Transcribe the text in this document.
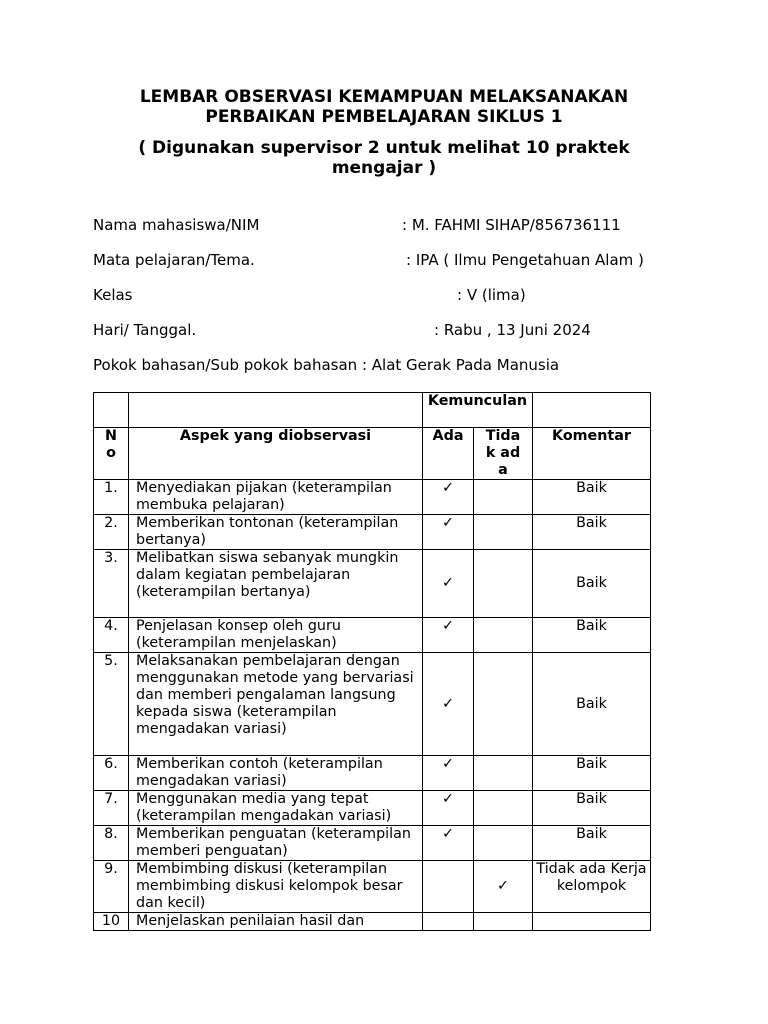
LEMBAR OBSERVASI KEMAMPUAN MELAKSANAKAN
PERBAIKAN PEMBELAJARAN SIKLUS 1
( Digunakan supervisor 2 untuk melihat 10 praktek
mengajar )
Nama mahasiswa/NIM	: M. FAHMI SIHAP/856736111
Mata pelajaran/Tema.	: IPA ( Ilmu Pengetahuan Alam )
Kelas	: V (lima)
Hari/ Tanggal.	: Rabu , 13 Juni 2024
Pokok bahasan/Sub pokok bahasan : Alat Gerak Pada Manusia
		Kemunculan		
No	Aspek yang diobservasi	Ada	Tidak ada	Komentar
1.	Menyediakan pijakan (keterampilan membuka pelajaran)	✓		Baik
2.	Memberikan tontonan (keterampilan bertanya)	✓		Baik
3.	Melibatkan siswa sebanyak mungkin dalam kegiatan pembelajaran (keterampilan bertanya)	✓		Baik
4.	Penjelasan konsep oleh guru (keterampilan menjelaskan)	✓		Baik
5.	Melaksanakan pembelajaran dengan menggunakan metode yang bervariasi dan memberi pengalaman langsung kepada siswa (keterampilan mengadakan variasi)	✓		Baik
6.	Memberikan contoh (keterampilan mengadakan variasi)	✓		Baik
7.	Menggunakan media yang tepat (keterampilan mengadakan variasi)	✓		Baik
8.	Memberikan penguatan (keterampilan memberi penguatan)	✓		Baik
9.	Membimbing diskusi (keterampilan membimbing diskusi kelompok besar dan kecil)		✓	Tidak ada Kerja kelompok
10	Menjelaskan penilaian hasil dan			
